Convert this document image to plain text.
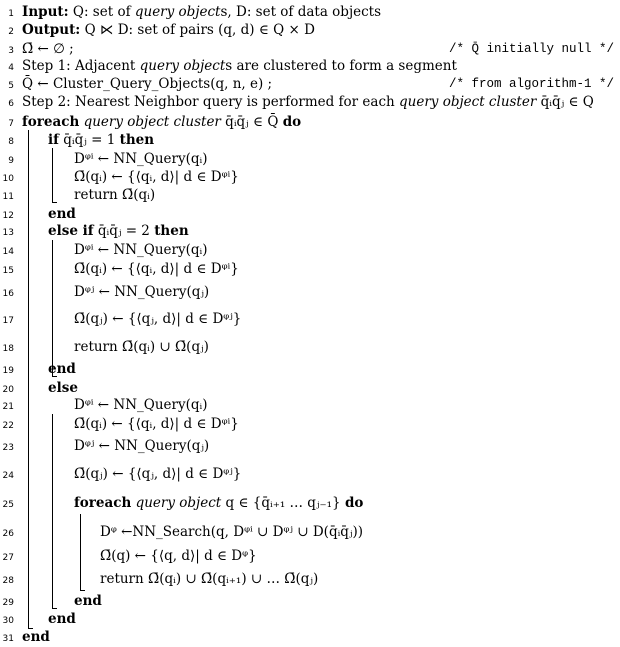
1 Input: Q: set of query objects, D: set of data objects
2 Output: Q ⋉ D: set of pairs (q, d) ∈ Q × D
3 Ω̄ ← ∅ ;	/* Q̄ initially null */
4 Step 1: Adjacent query objects are clustered to form a segment
5 Q̄ ← Cluster_Query_Objects(q, n, e) ;	/* from algorithm-1 */
6 Step 2: Nearest Neighbor query is performed for each query object cluster q̄ᵢq̄ⱼ ∈ Q
7 foreach query object cluster q̄ᵢq̄ⱼ ∈ Q̄ do
8	if q̄ᵢq̄ⱼ = 1 then
9	Dᵠⁱ ← NN_Query(qᵢ)
10	Ω̄(qᵢ) ← {⟨qᵢ, d⟩| d ∈ Dᵠⁱ}
11	return Ω̄(qᵢ)
12	end
13	else if q̄ᵢq̄ⱼ = 2 then
14	Dᵠⁱ ← NN_Query(qᵢ)
15	Ω̄(qᵢ) ← {⟨qᵢ, d⟩| d ∈ Dᵠⁱ}
16	Dᵠʲ ← NN_Query(qⱼ)
17	Ω̄(qⱼ) ← {⟨qⱼ, d⟩| d ∈ Dᵠʲ}
18	return Ω̄(qᵢ) ∪ Ω̄(qⱼ)
19	end
20	else
21	Dᵠⁱ ← NN_Query(qᵢ)
22	Ω̄(qᵢ) ← {⟨qᵢ, d⟩| d ∈ Dᵠⁱ}
23	Dᵠʲ ← NN_Query(qⱼ)
24	Ω̄(qⱼ) ← {⟨qⱼ, d⟩| d ∈ Dᵠʲ}
25	foreach query object q ∈ {q̄ᵢ₊₁ … qⱼ₋₁} do
26	Dᵠ ←NN_Search(q, Dᵠⁱ ∪ Dᵠʲ ∪ D(q̄ᵢq̄ⱼ))
27	Ω̄(q) ← {⟨q, d⟩| d ∈ Dᵠ}
28	return Ω̄(qᵢ) ∪ Ω̄(qᵢ₊₁) ∪ … Ω̄(qⱼ)
29	end
30	end
31 end
